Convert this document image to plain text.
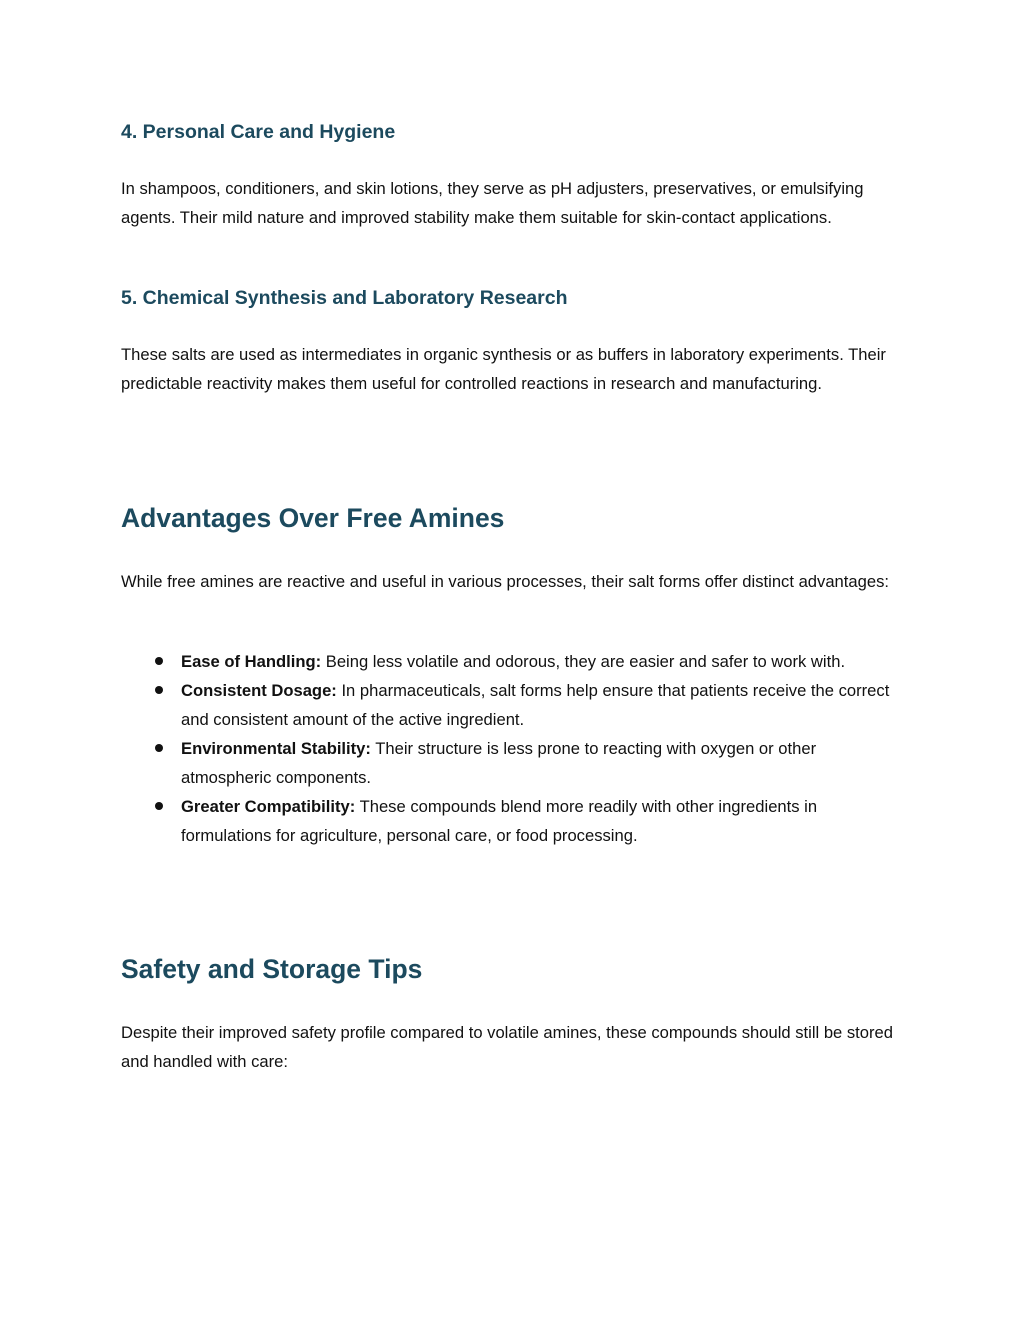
4. Personal Care and Hygiene

In shampoos, conditioners, and skin lotions, they serve as pH adjusters, preservatives, or emulsifying agents. Their mild nature and improved stability make them suitable for skin-contact applications.

5. Chemical Synthesis and Laboratory Research

These salts are used as intermediates in organic synthesis or as buffers in laboratory experiments. Their predictable reactivity makes them useful for controlled reactions in research and manufacturing.

Advantages Over Free Amines

While free amines are reactive and useful in various processes, their salt forms offer distinct advantages:

Ease of Handling: Being less volatile and odorous, they are easier and safer to work with.
Consistent Dosage: In pharmaceuticals, salt forms help ensure that patients receive the correct and consistent amount of the active ingredient.
Environmental Stability: Their structure is less prone to reacting with oxygen or other atmospheric components.
Greater Compatibility: These compounds blend more readily with other ingredients in formulations for agriculture, personal care, or food processing.
Safety and Storage Tips

Despite their improved safety profile compared to volatile amines, these compounds should still be stored and handled with care:
